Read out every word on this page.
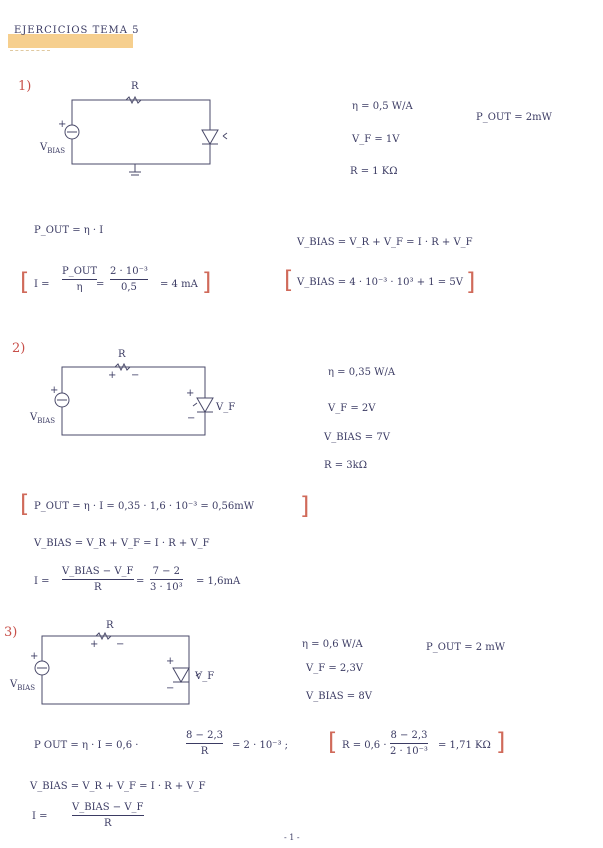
EJERCICIOS TEMA 5
1)	R
+
$V_{BIAS}$
η = 0,5 W/A
P_OUT = 2mW
V_F = 1V
R = 1 KΩ
P_OUT = η · I
V_BIAS = V_R + V_F = I · R + V_F
[ I =
P_OUT
η =
2 · 10⁻³
0,5 = 4 mA ]	[ V_BIAS = 4 · 10⁻³ · 10³ + 1 = 5V ]
2)	R
+ −
+	+
−
V_F
$V_{BIAS}$
η = 0,35 W/A
V_F = 2V
V_BIAS = 7V
R = 3kΩ
[ P_OUT = η · I = 0,35 · 1,6 · 10⁻³ = 0,56mW ]
V_BIAS = V_R + V_F = I · R + V_F
I =
V_BIAS − V_F
R
=
7 − 2
3 · 10³
= 1,6mA
3)	R
+ −
+	+
−
V_F
$V_{BIAS}$
η = 0,6 W/A	P_OUT = 2 mW
V_F = 2,3V
V_BIAS = 8V
P OUT = η · I = 0,6 ·
8 − 2,3
R
= 2 · 10⁻³ ; [ R = 0,6 ·
8 − 2,3
2 · 10⁻³
= 1,71 KΩ ]
V_BIAS = V_R + V_F = I · R + V_F
I =
V_BIAS − V_F
R
- 1 -
